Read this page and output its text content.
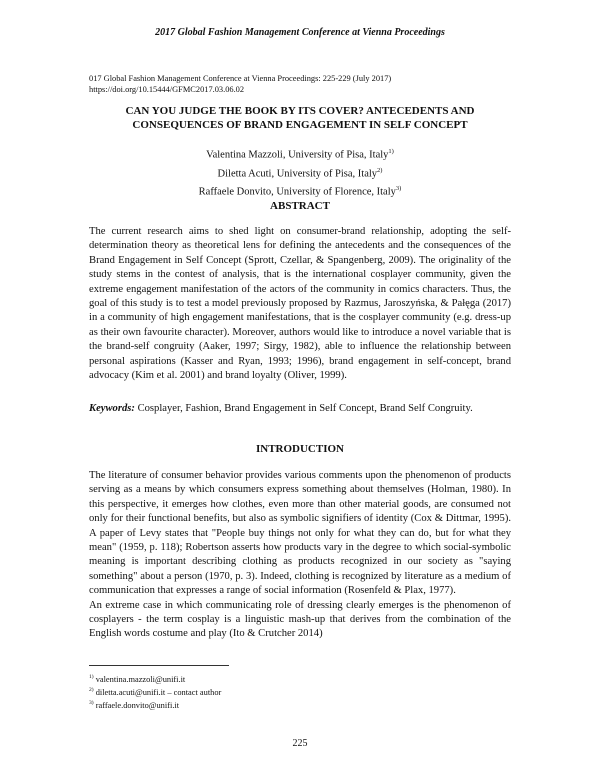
2017 Global Fashion Management Conference at Vienna Proceedings
017 Global Fashion Management Conference at Vienna Proceedings: 225-229 (July 2017)
https://doi.org/10.15444/GFMC2017.03.06.02
CAN YOU JUDGE THE BOOK BY ITS COVER? ANTECEDENTS AND
CONSEQUENCES OF BRAND ENGAGEMENT IN SELF CONCEPT
Valentina Mazzoli, University of Pisa, Italy$^{1)}$
Diletta Acuti, University of Pisa, Italy$^{2)}$
Raffaele Donvito, University of Florence, Italy$^{3)}$
ABSTRACT
The current research aims to shed light on consumer-brand relationship, adopting the self-determination theory as theoretical lens for defining the antecedents and the consequences of the Brand Engagement in Self Concept (Sprott, Czellar, & Spangenberg, 2009). The originality of the study stems in the contest of analysis, that is the international cosplayer community, given the extreme engagement manifestation of the actors of the community in comics characters. Thus, the goal of this study is to test a model previously proposed by Razmus, Jaroszyńska, & Pałęga (2017) in a community of high engagement manifestations, that is the cosplayer community (e.g. dress-up as their own favourite character). Moreover, authors would like to introduce a novel variable that is the brand-self congruity (Aaker, 1997; Sirgy, 1982), able to influence the relationship between personal aspirations (Kasser and Ryan, 1993; 1996), brand engagement in self-concept, brand advocacy (Kim et al. 2001) and brand loyalty (Oliver, 1999).
Keywords: Cosplayer, Fashion, Brand Engagement in Self Concept, Brand Self Congruity.
INTRODUCTION

The literature of consumer behavior provides various comments upon the phenomenon of products serving as a means by which consumers express something about themselves (Holman, 1980). In this perspective, it emerges how clothes, even more than other material goods, are consumed not only for their functional benefits, but also as symbolic signifiers of identity (Cox & Dittmar, 1995). A paper of Levy states that "People buy things not only for what they can do, but for what they mean" (1959, p. 118); Robertson asserts how products vary in the degree to which social-symbolic meaning is important describing clothing as products recognized in our society as "saying something" about a person (1970, p. 3). Indeed, clothing is recognized by literature as a medium of communication that expresses a range of social information (Rosenfeld & Plax, 1977).

An extreme case in which communicating role of dressing clearly emerges is the phenomenon of cosplayers - the term cosplay is a linguistic mash-up that derives from the combination of the English words costume and play (Ito & Crutcher 2014)

$^{1)}$ valentina.mazzoli@unifi.it
$^{2)}$ diletta.acuti@unifi.it – contact author
$^{3)}$ raffaele.donvito@unifi.it
225
